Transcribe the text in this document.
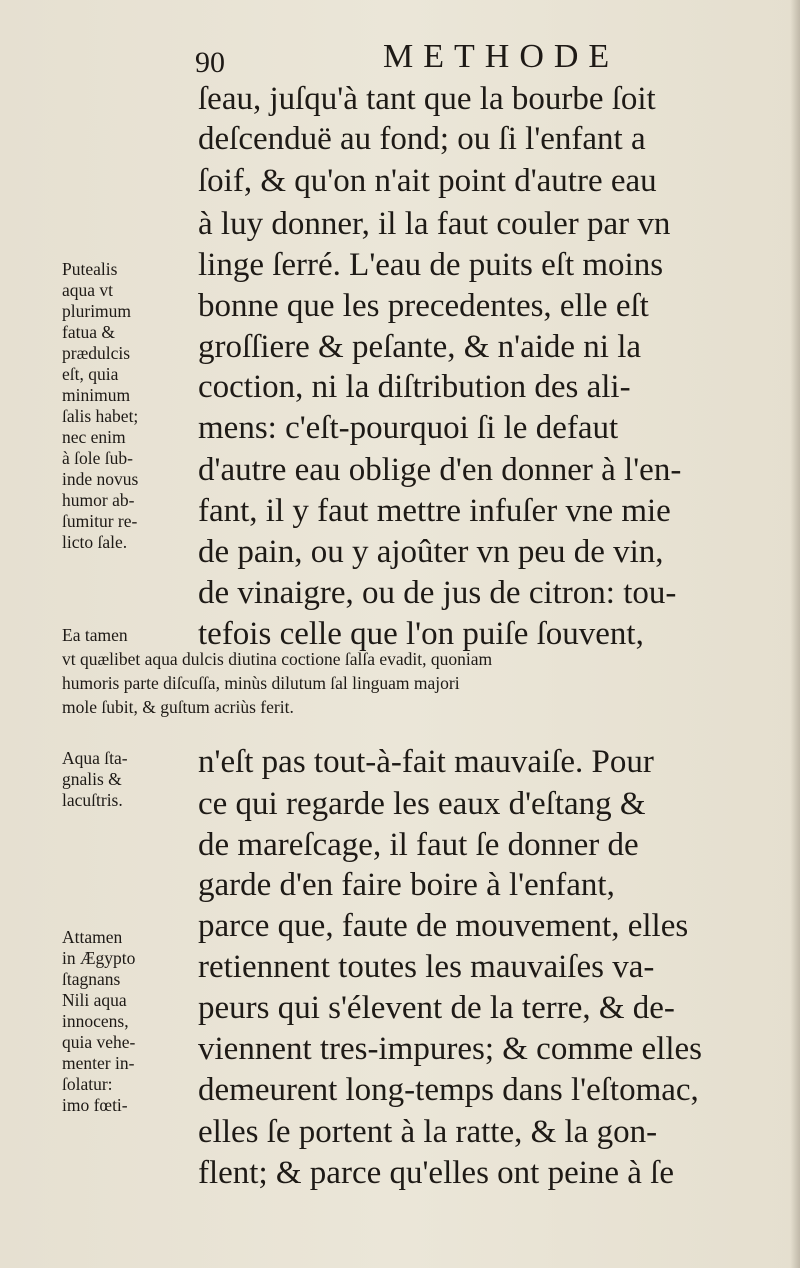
90	METHODE
ſeau, juſqu'à tant que la bourbe ſoit
deſcenduë au fond; ou ſi l'enfant a
ſoif, & qu'on n'ait point d'autre eau
à luy donner, il la faut couler par vn
linge ſerré. L'eau de puits eſt moins
bonne que les precedentes, elle eſt
groſſiere & peſante, & n'aide ni la
coction, ni la diſtribution des ali-
mens: c'eſt-pourquoi ſi le defaut
d'autre eau oblige d'en donner à l'en-
fant, il y faut mettre infuſer vne mie
de pain, ou y ajoûter vn peu de vin,
de vinaigre, ou de jus de citron: tou-
tefois celle que l'on puiſe ſouvent,
Putealis
aqua vt
plurimum
fatua &
prædulcis
eſt, quia
minimum
ſalis habet;
nec enim
à ſole ſub-
inde novus
humor ab-
ſumitur re-
licto ſale.
Ea tamen
vt quælibet aqua dulcis diutina coctione ſalſa evadit, quoniam
humoris parte diſcuſſa, minùs dilutum ſal linguam majori
mole ſubit, & guſtum acriùs ferit.
n'eſt pas tout-à-fait mauvaiſe. Pour
ce qui regarde les eaux d'eſtang &
de mareſcage, il faut ſe donner de
garde d'en faire boire à l'enfant,
parce que, faute de mouvement, elles
retiennent toutes les mauvaiſes va-
peurs qui s'élevent de la terre, & de-
viennent tres-impures; & comme elles
demeurent long-temps dans l'eſtomac,
elles ſe portent à la ratte, & la gon-
flent; & parce qu'elles ont peine à ſe
Aqua ſta-
gnalis &
lacuſtris.
Attamen
in Ægypto
ſtagnans
Nili aqua
innocens,
quia vehe-
menter in-
ſolatur:
imo fœti-
